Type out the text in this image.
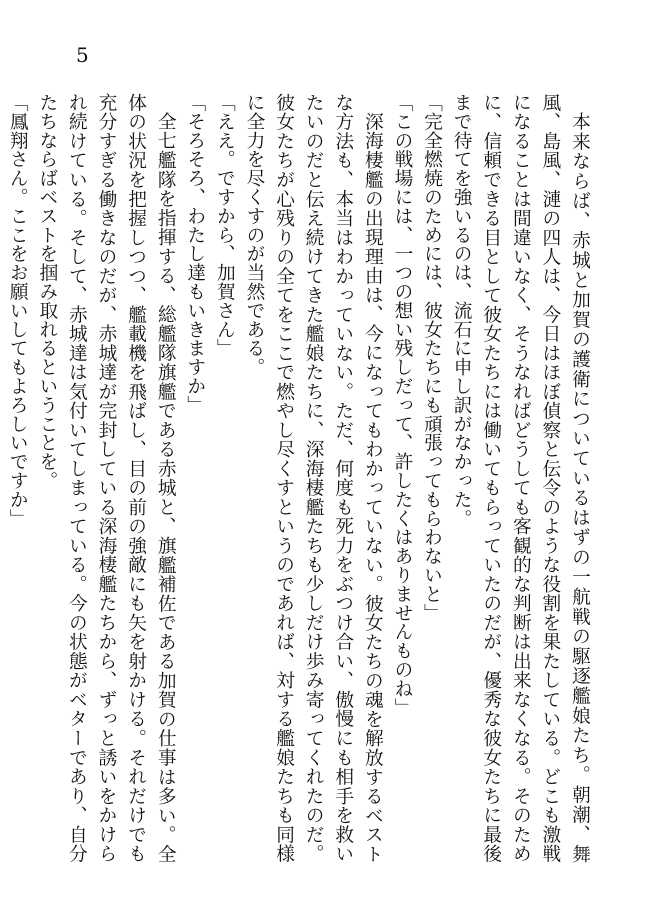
5

本来ならば、赤城と加賀の護衛についているはずの一航戦の駆逐艦娘たち。朝潮、舞風、島風、漣の四人は、今日はほぼ偵察と伝令のような役割を果たしている。どこも激戦になることは間違いなく、そうなればどうしても客観的な判断は出来なくなる。そのために、信頼できる目として彼女たちには働いてもらっていたのだが、優秀な彼女たちに最後まで待てを強いるのは、流石に申し訳がなかった。

「完全燃焼のためには、彼女たちにも頑張ってもらわないと」

「この戦場には、一つの想い残しだって、許したくはありませんものね」

深海棲艦の出現理由は、今になってもわかっていない。彼女たちの魂を解放するベストな方法も、本当はわかっていない。ただ、何度も死力をぶつけ合い、傲慢にも相手を救いたいのだと伝え続けてきた艦娘たちに、深海棲艦たちも少しだけ歩み寄ってくれたのだ。彼女たちが心残りの全てをここで燃やし尽くすというのであれば、対する艦娘たちも同様に全力を尽くすのが当然である。

「ええ。ですから、加賀さん」

「そろそろ、わたし達もいきますか」

全七艦隊を指揮する、総艦隊旗艦である赤城と、旗艦補佐である加賀の仕事は多い。全体の状況を把握しつつ、艦載機を飛ばし、目の前の強敵にも矢を射かける。それだけでも充分すぎる働きなのだが、赤城達が完封している深海棲艦たちから、ずっと誘いをかけられ続けている。そして、赤城達は気付いてしまっている。今の状態がベターであり、自分たちならばベストを掴み取れるということを。

「鳳翔さん。ここをお願いしてもよろしいですか」
